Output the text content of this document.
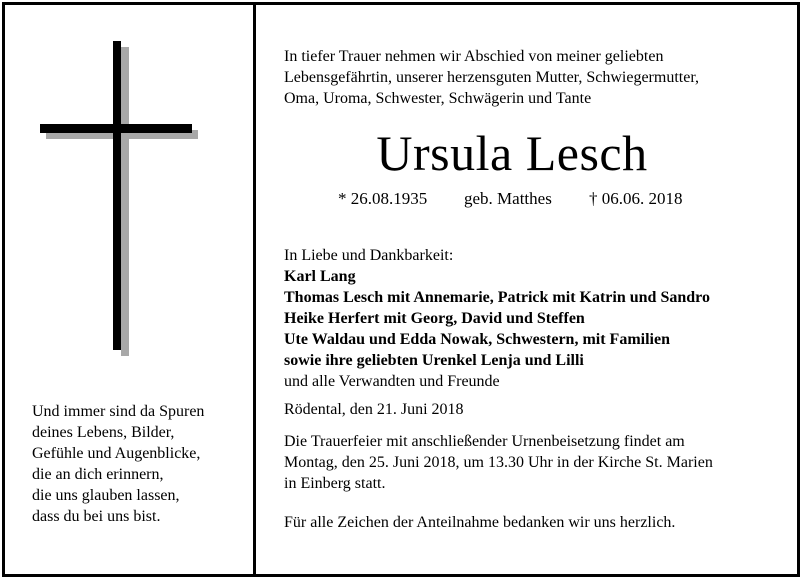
Und immer sind da Spuren
deines Lebens, Bilder,
Gefühle und Augenblicke,
die an dich erinnern,
die uns glauben lassen,
dass du bei uns bist.
In tiefer Trauer nehmen wir Abschied von meiner geliebten
Lebensgefährtin, unserer herzensguten Mutter, Schwiegermutter,
Oma, Uroma, Schwester, Schwägerin und Tante
Ursula Lesch
* 26.08.1935 geb. Matthes † 06.06. 2018
In Liebe und Dankbarkeit:
Karl Lang
Thomas Lesch mit Annemarie, Patrick mit Katrin und Sandro
Heike Herfert mit Georg, David und Steffen
Ute Waldau und Edda Nowak, Schwestern, mit Familien
sowie ihre geliebten Urenkel Lenja und Lilli
und alle Verwandten und Freunde
Rödental, den 21. Juni 2018
Die Trauerfeier mit anschließender Urnenbeisetzung findet am
Montag, den 25. Juni 2018, um 13.30 Uhr in der Kirche St. Marien
in Einberg statt.
Für alle Zeichen der Anteilnahme bedanken wir uns herzlich.
